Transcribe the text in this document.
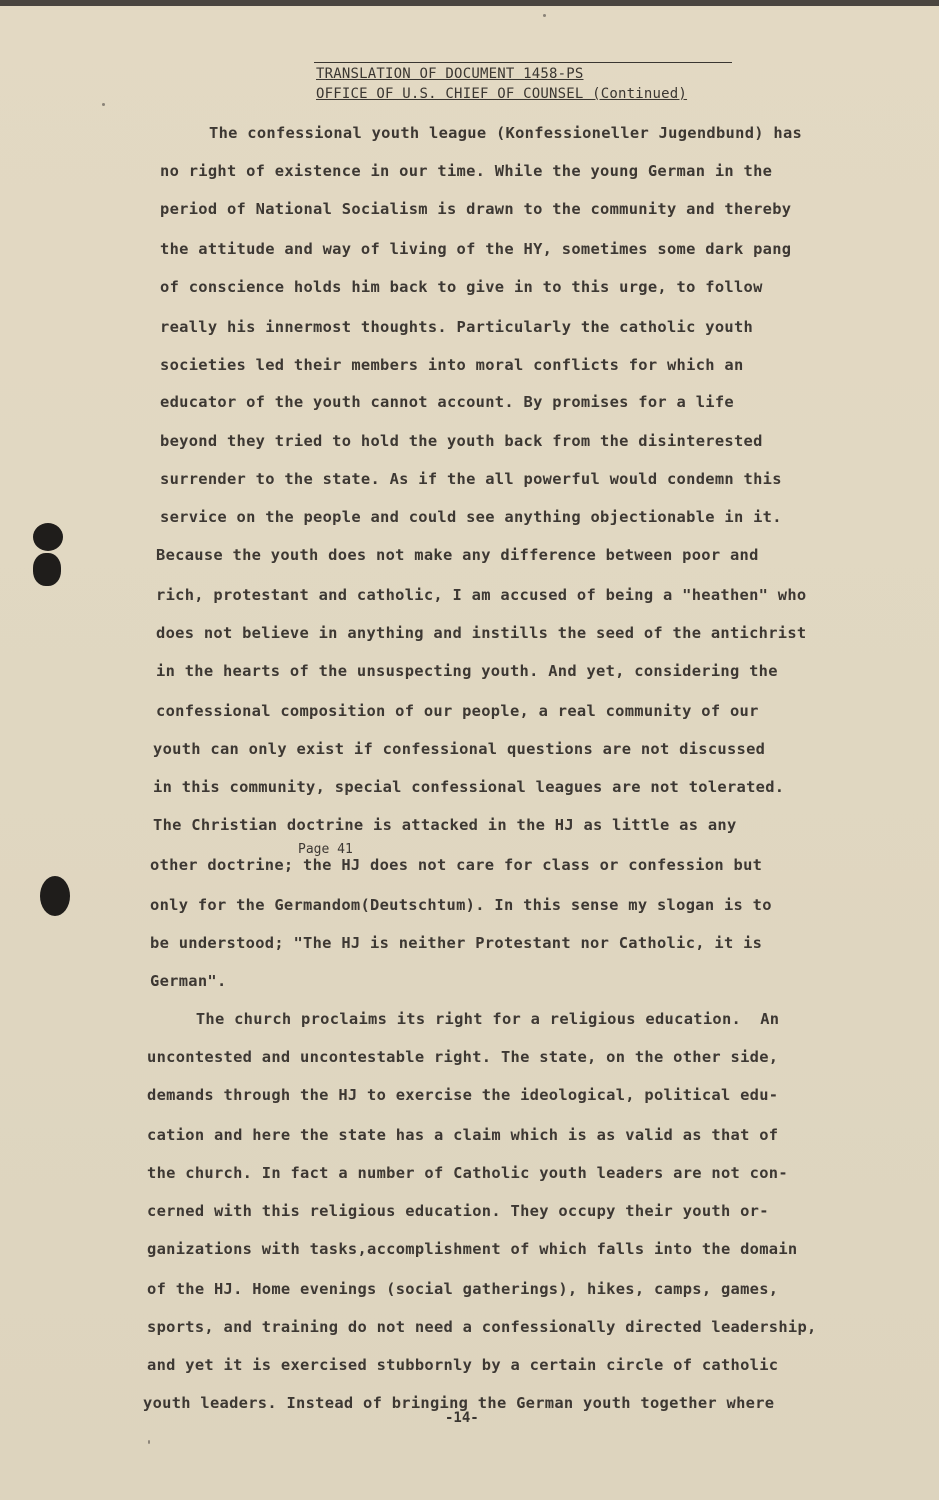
TRANSLATION OF DOCUMENT 1458-PS
OFFICE OF U.S. CHIEF OF COUNSEL (Continued)
The confessional youth league (Konfessioneller Jugendbund) has
no right of existence in our time. While the young German in the
period of National Socialism is drawn to the community and thereby
the attitude and way of living of the HY, sometimes some dark pang
of conscience holds him back to give in to this urge, to follow
really his innermost thoughts. Particularly the catholic youth
societies led their members into moral conflicts for which an
educator of the youth cannot account. By promises for a life
beyond they tried to hold the youth back from the disinterested
surrender to the state. As if the all powerful would condemn this
service on the people and could see anything objectionable in it.
Because the youth does not make any difference between poor and
rich, protestant and catholic, I am accused of being a "heathen" who
does not believe in anything and instills the seed of the antichrist
in the hearts of the unsuspecting youth. And yet, considering the
confessional composition of our people, a real community of our
youth can only exist if confessional questions are not discussed
in this community, special confessional leagues are not tolerated.
The Christian doctrine is attacked in the HJ as little as any
other doctrine; the HJ does not care for class or confession but
only for the Germandom(Deutschtum). In this sense my slogan is to
be understood; "The HJ is neither Protestant nor Catholic, it is
German".
The church proclaims its right for a religious education.  An
uncontested and uncontestable right. The state, on the other side,
demands through the HJ to exercise the ideological, political edu-
cation and here the state has a claim which is as valid as that of
the church. In fact a number of Catholic youth leaders are not con-
cerned with this religious education. They occupy their youth or-
ganizations with tasks,accomplishment of which falls into the domain
of the HJ. Home evenings (social gatherings), hikes, camps, games,
sports, and training do not need a confessionally directed leadership,
and yet it is exercised stubbornly by a certain circle of catholic
youth leaders. Instead of bringing the German youth together where
Page 41
-14-
